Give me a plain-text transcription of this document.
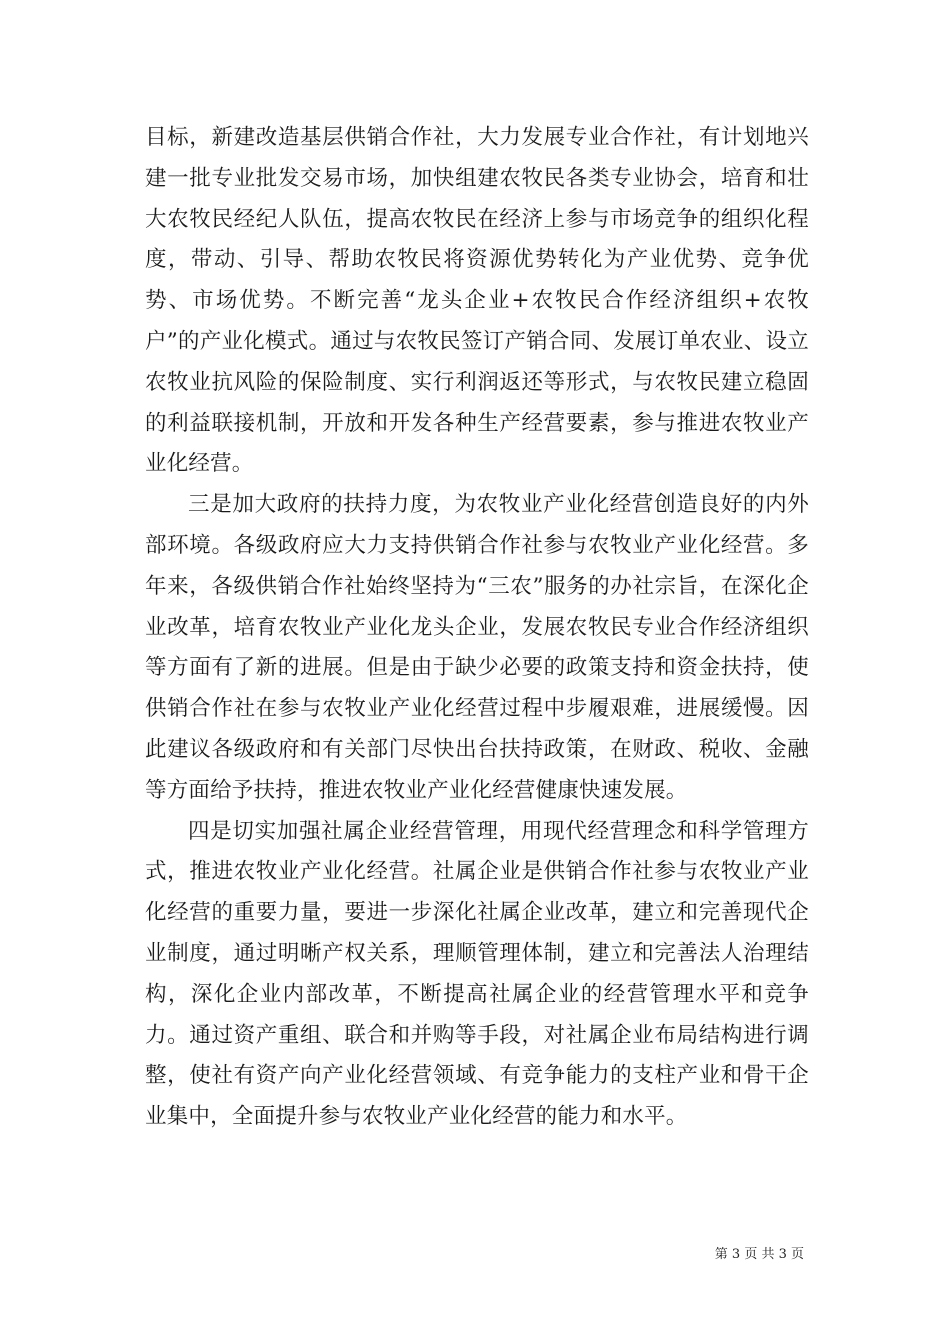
目标，新建改造基层供销合作社，大力发展专业合作社，有计划地兴建一批专业批发交易市场，加快组建农牧民各类专业协会，培育和壮大农牧民经纪人队伍，提高农牧民在经济上参与市场竞争的组织化程度，带动、引导、帮助农牧民将资源优势转化为产业优势、竞争优势、市场优势。不断完善“龙头企业+农牧民合作经济组织+农牧户”的产业化模式。通过与农牧民签订产销合同、发展订单农业、设立农牧业抗风险的保险制度、实行利润返还等形式，与农牧民建立稳固的利益联接机制，开放和开发各种生产经营要素，参与推进农牧业产业化经营。

三是加大政府的扶持力度，为农牧业产业化经营创造良好的内外部环境。各级政府应大力支持供销合作社参与农牧业产业化经营。多年来，各级供销合作社始终坚持为“三农”服务的办社宗旨，在深化企业改革，培育农牧业产业化龙头企业，发展农牧民专业合作经济组织等方面有了新的进展。但是由于缺少必要的政策支持和资金扶持，使供销合作社在参与农牧业产业化经营过程中步履艰难，进展缓慢。因此建议各级政府和有关部门尽快出台扶持政策，在财政、税收、金融等方面给予扶持，推进农牧业产业化经营健康快速发展。

四是切实加强社属企业经营管理，用现代经营理念和科学管理方式，推进农牧业产业化经营。社属企业是供销合作社参与农牧业产业化经营的重要力量，要进一步深化社属企业改革，建立和完善现代企业制度，通过明晰产权关系，理顺管理体制，建立和完善法人治理结构，深化企业内部改革，不断提高社属企业的经营管理水平和竞争力。通过资产重组、联合和并购等手段，对社属企业布局结构进行调整，使社有资产向产业化经营领域、有竞争能力的支柱产业和骨干企业集中，全面提升参与农牧业产业化经营的能力和水平。

第 3 页 共 3 页
